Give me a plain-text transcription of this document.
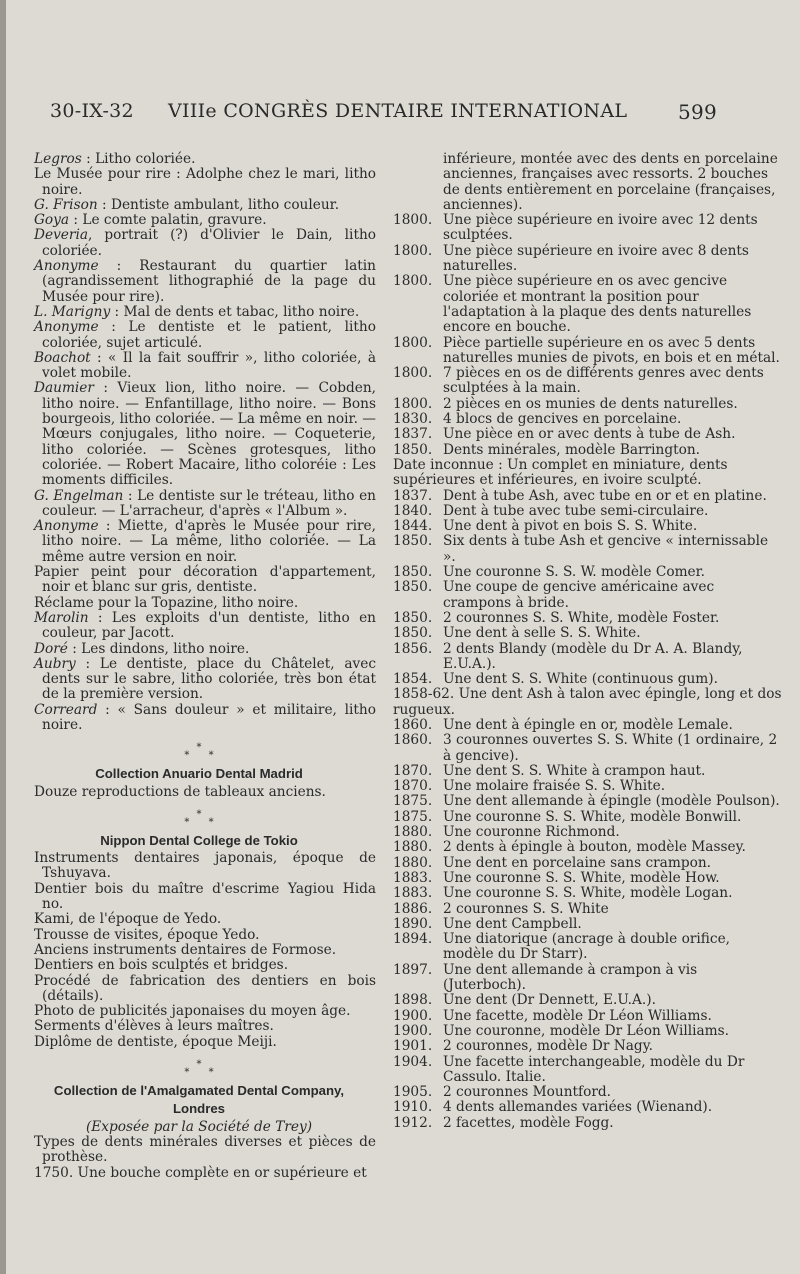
30-IX-32 VIIIe CONGRÈS DENTAIRE INTERNATIONAL	599
Legros : Litho coloriée.
Le Musée pour rire : Adolphe chez le mari, litho noire.
G. Frison : Dentiste ambulant, litho couleur.
Goya : Le comte palatin, gravure.
Deveria, portrait (?) d'Olivier le Dain, litho coloriée.
Anonyme : Restaurant du quartier latin (agrandissement lithographié de la page du Musée pour rire).
L. Marigny : Mal de dents et tabac, litho noire.
Anonyme : Le dentiste et le patient, litho coloriée, sujet articulé.
Boachot : « Il la fait souffrir », litho coloriée, à volet mobile.
Daumier : Vieux lion, litho noire. — Cobden, litho noire. — Enfantillage, litho noire. — Bons bourgeois, litho coloriée. — La même en noir. — Mœurs conjugales, litho noire. — Coqueterie, litho coloriée. — Scènes grotesques, litho coloriée. — Robert Macaire, litho coloréie : Les moments difficiles.
G. Engelman : Le dentiste sur le tréteau, litho en couleur. — L'arracheur, d'après « l'Album ».
Anonyme : Miette, d'après le Musée pour rire, litho noire. — La même, litho coloriée. — La même autre version en noir.
Papier peint pour décoration d'appartement, noir et blanc sur gris, dentiste.
Réclame pour la Topazine, litho noire.
Marolin : Les exploits d'un dentiste, litho en couleur, par Jacott.
Doré : Les dindons, litho noire.
Aubry : Le dentiste, place du Châtelet, avec dents sur le sabre, litho coloriée, très bon état de la première version.
Correard : « Sans douleur » et militaire, litho noire.
*
* *
Collection Anuario Dental Madrid
Douze reproductions de tableaux anciens.
*
* *
Nippon Dental College de Tokio
Instruments dentaires japonais, époque de Tshuyava.
Dentier bois du maître d'escrime Yagiou Hida no.
Kami, de l'époque de Yedo.
Trousse de visites, époque Yedo.
Anciens instruments dentaires de Formose.
Dentiers en bois sculptés et bridges.
Procédé de fabrication des dentiers en bois (détails).
Photo de publicités japonaises du moyen âge.
Serments d'élèves à leurs maîtres.
Diplôme de dentiste, époque Meiji.
*
* *
Collection de l'Amalgamated Dental Company,
Londres
(Exposée par la Société de Trey)
Types de dents minérales diverses et pièces de prothèse.
1750. Une bouche complète en or supérieure et
inférieure, montée avec des dents en porcelaine anciennes, françaises avec ressorts. 2 bouches de dents entièrement en porcelaine (françaises, anciennes).
1800. Une pièce supérieure en ivoire avec 12 dents sculptées.
1800. Une pièce supérieure en ivoire avec 8 dents naturelles.
1800. Une pièce supérieure en os avec gencive coloriée et montrant la position pour l'adaptation à la plaque des dents naturelles encore en bouche.
1800. Pièce partielle supérieure en os avec 5 dents naturelles munies de pivots, en bois et en métal.
1800. 7 pièces en os de différents genres avec dents sculptées à la main.
1800. 2 pièces en os munies de dents naturelles.
1830. 4 blocs de gencives en porcelaine.
1837. Une pièce en or avec dents à tube de Ash.
1850. Dents minérales, modèle Barrington.
Date inconnue : Un complet en miniature, dents supérieures et inférieures, en ivoire sculpté.
1837. Dent à tube Ash, avec tube en or et en platine.
1840. Dent à tube avec tube semi-circulaire.
1844. Une dent à pivot en bois S. S. White.
1850. Six dents à tube Ash et gencive « internissable ».
1850. Une couronne S. S. W. modèle Comer.
1850. Une coupe de gencive américaine avec crampons à bride.
1850. 2 couronnes S. S. White, modèle Foster.
1850. Une dent à selle S. S. White.
1856. 2 dents Blandy (modèle du Dr A. A. Blandy, E.U.A.).
1854. Une dent S. S. White (continuous gum).
1858-62. Une dent Ash à talon avec épingle, long et dos rugueux.
1860. Une dent à épingle en or, modèle Lemale.
1860. 3 couronnes ouvertes S. S. White (1 ordinaire, 2 à gencive).
1870. Une dent S. S. White à crampon haut.
1870. Une molaire fraisée S. S. White.
1875. Une dent allemande à épingle (modèle Poulson).
1875. Une couronne S. S. White, modèle Bonwill.
1880. Une couronne Richmond.
1880. 2 dents à épingle à bouton, modèle Massey.
1880. Une dent en porcelaine sans crampon.
1883. Une couronne S. S. White, modèle How.
1883. Une couronne S. S. White, modèle Logan.
1886. 2 couronnes S. S. White
1890. Une dent Campbell.
1894. Une diatorique (ancrage à double orifice, modèle du Dr Starr).
1897. Une dent allemande à crampon à vis (Juterboch).
1898. Une dent (Dr Dennett, E.U.A.).
1900. Une facette, modèle Dr Léon Williams.
1900. Une couronne, modèle Dr Léon Williams.
1901. 2 couronnes, modèle Dr Nagy.
1904. Une facette interchangeable, modèle du Dr Cassulo. Italie.
1905. 2 couronnes Mountford.
1910. 4 dents allemandes variées (Wienand).
1912. 2 facettes, modèle Fogg.
